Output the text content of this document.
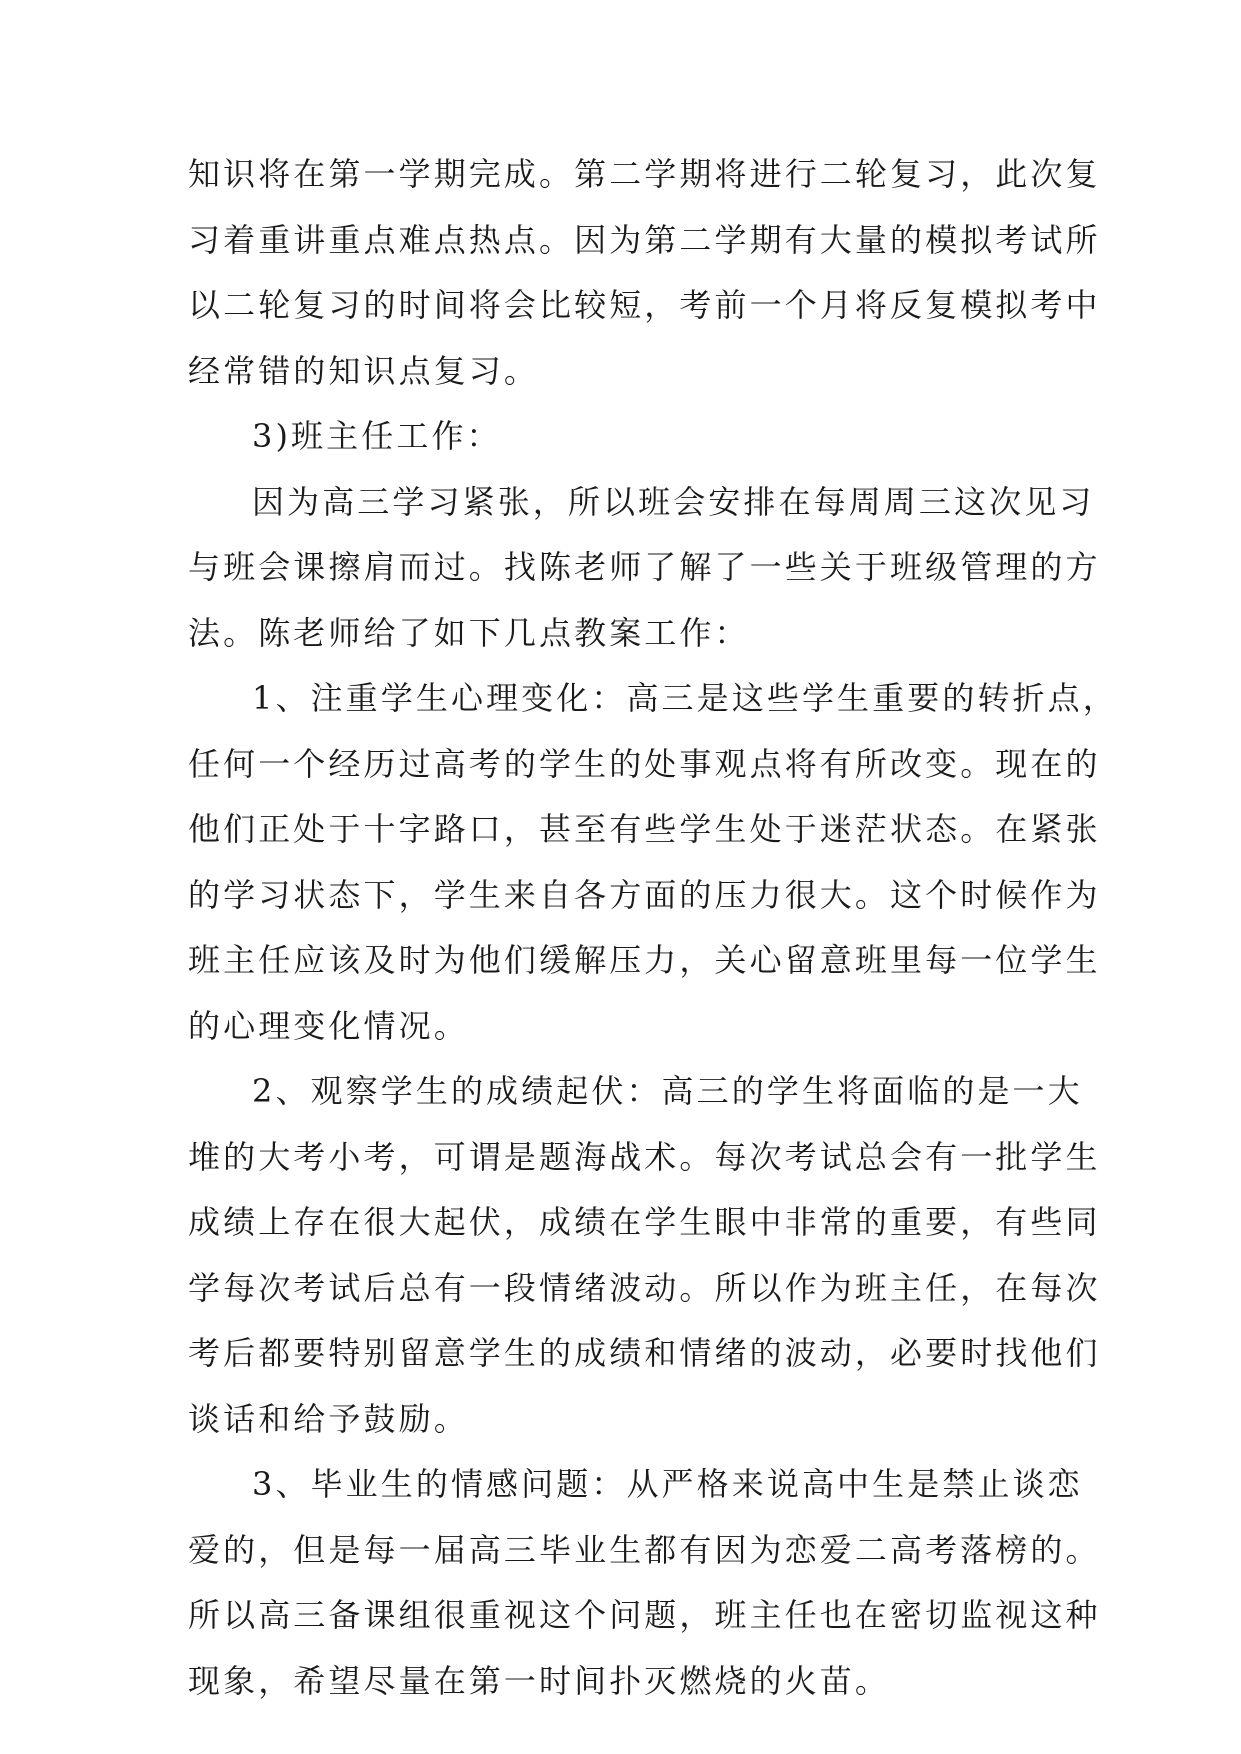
知识将在第一学期完成。第二学期将进行二轮复习，此次复
习着重讲重点难点热点。因为第二学期有大量的模拟考试所
以二轮复习的时间将会比较短，考前一个月将反复模拟考中
经常错的知识点复习。
3)班主任工作：
因为高三学习紧张，所以班会安排在每周周三这次见习
与班会课擦肩而过。找陈老师了解了一些关于班级管理的方
法。陈老师给了如下几点教案工作：
1、注重学生心理变化：高三是这些学生重要的转折点，
任何一个经历过高考的学生的处事观点将有所改变。现在的
他们正处于十字路口，甚至有些学生处于迷茫状态。在紧张
的学习状态下，学生来自各方面的压力很大。这个时候作为
班主任应该及时为他们缓解压力，关心留意班里每一位学生
的心理变化情况。
2、观察学生的成绩起伏：高三的学生将面临的是一大
堆的大考小考，可谓是题海战术。每次考试总会有一批学生
成绩上存在很大起伏，成绩在学生眼中非常的重要，有些同
学每次考试后总有一段情绪波动。所以作为班主任，在每次
考后都要特别留意学生的成绩和情绪的波动，必要时找他们
谈话和给予鼓励。
3、毕业生的情感问题：从严格来说高中生是禁止谈恋
爱的，但是每一届高三毕业生都有因为恋爱二高考落榜的。
所以高三备课组很重视这个问题，班主任也在密切监视这种
现象，希望尽量在第一时间扑灭燃烧的火苗。
